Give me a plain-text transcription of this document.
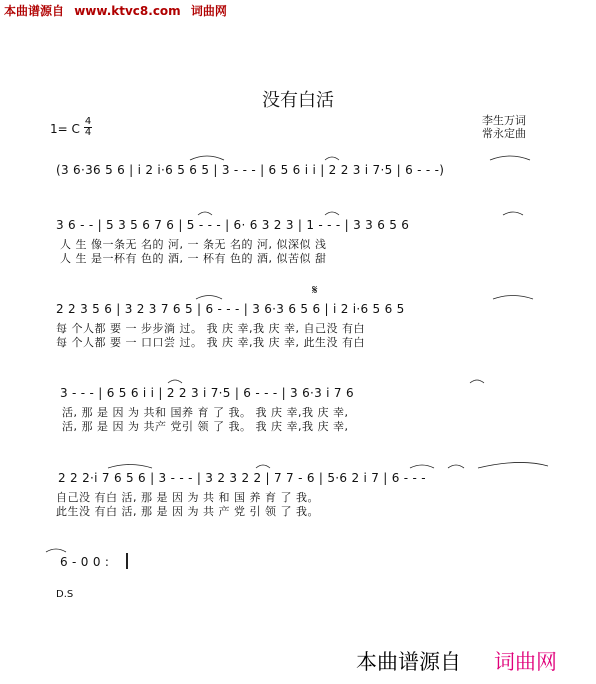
本曲谱源自 www.ktvc8.com 词曲网
没有白活
李生万词
常永定曲
1= C
4
4
(3 6·36 5 6 | i 2 i·6 5 6 5 | 3 - - - | 6 5 6 i i | 2 2 3 i 7·5 | 6 - - -)
3 6 - - | 5 3 5 6 7 6 | 5 - - - | 6· 6 3 2 3 | 1 - - - | 3 3 6 5 6
人 生 像一条无 名的 河, 一 条无 名的 河, 似深似 浅
人 生 是一杯有 色的 酒, 一 杯有 色的 酒, 似苦似 甜
2 2 3 5 6 | 3 2 3 7 6 5 | 6 - - - | 3 6·3 6 5 6 | i 2 i·6 5 6 5
每 个人都 要 一 步步淌 过。 我 庆 幸,我 庆 幸, 自己没 有白
每 个人都 要 一 口口尝 过。 我 庆 幸,我 庆 幸, 此生没 有白
3 - - - | 6 5 6 i i | 2 2 3 i 7·5 | 6 - - - | 3 6·3 i 7 6
活, 那 是 因 为 共和 国养 育 了 我。 我 庆 幸,我 庆 幸,
活, 那 是 因 为 共产 党引 领 了 我。 我 庆 幸,我 庆 幸,
2 2 2·i 7 6 5 6 | 3 - - - | 3 2 3 2 2 | 7 7 - 6 | 5·6 2 i 7 | 6 - - -
自己没 有白 活, 那 是 因 为 共 和 国 养 育 了 我。
此生没 有白 活, 那 是 因 为 共 产 党 引 领 了 我。
6 - 0 0 :
𝄋
D.S
本曲谱源自 词曲网
